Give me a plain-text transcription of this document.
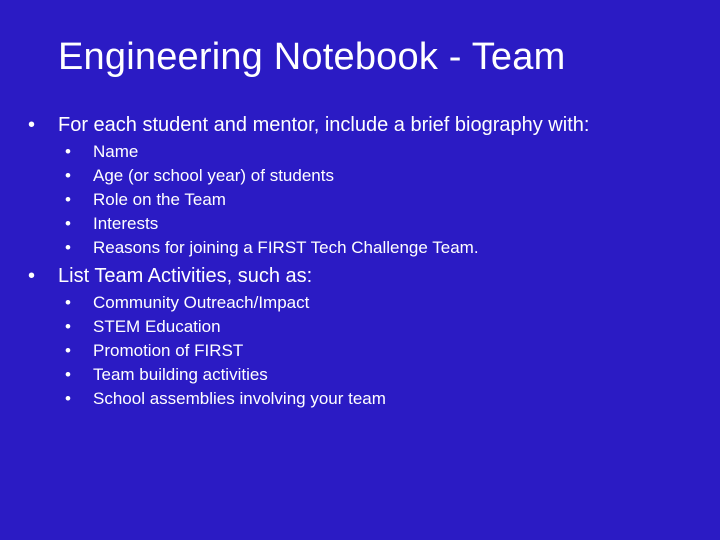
Engineering Notebook - Team
• For each student and mentor, include a brief biography with:
• Name
• Age (or school year) of students
• Role on the Team
• Interests
• Reasons for joining a FIRST Tech Challenge Team.
• List Team Activities, such as:
• Community Outreach/Impact
• STEM Education
• Promotion of FIRST
• Team building activities
• School assemblies involving your team
